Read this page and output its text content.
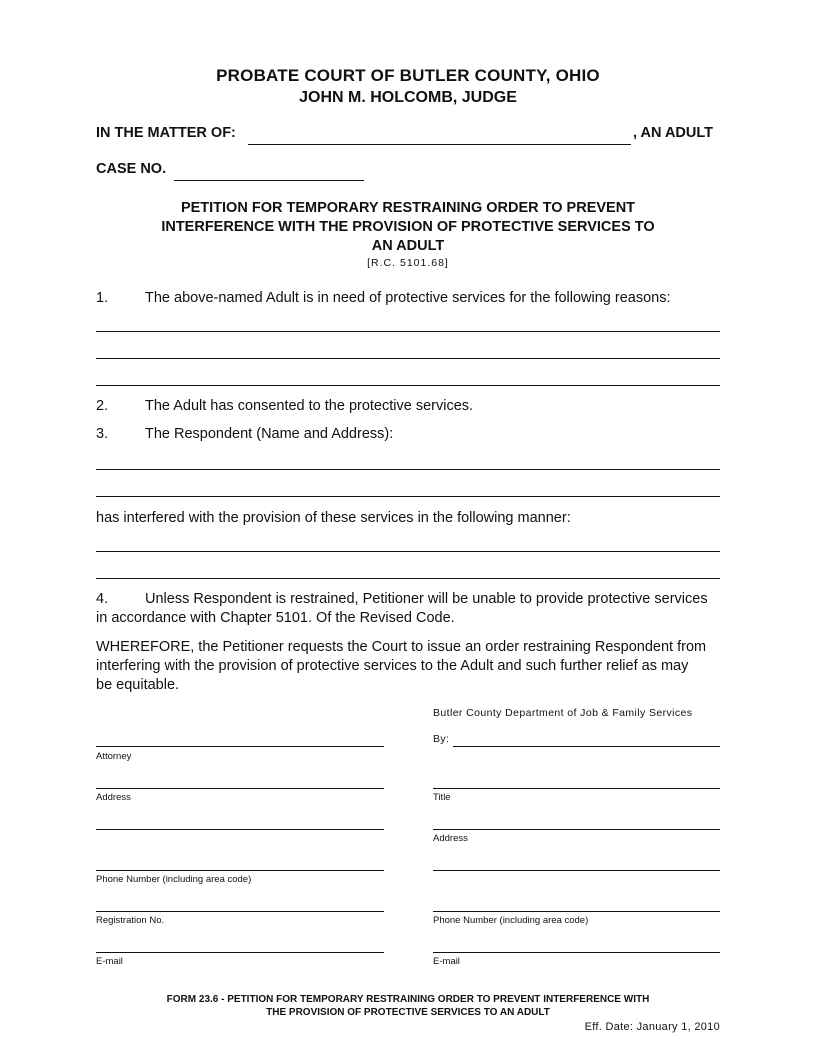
PROBATE COURT OF BUTLER COUNTY, OHIO
JOHN M. HOLCOMB, JUDGE
IN THE MATTER OF:	, AN ADULT
CASE NO.
PETITION FOR TEMPORARY RESTRAINING ORDER TO PREVENT
INTERFERENCE WITH THE PROVISION OF PROTECTIVE SERVICES TO
AN ADULT
[R.C. 5101.68]
1.	The above-named Adult is in need of protective services for the following reasons:
2.	The Adult has consented to the protective services.
3.	The Respondent (Name and Address):
has interfered with the provision of these services in the following manner:
4.	Unless Respondent is restrained, Petitioner will be unable to provide protective services
in accordance with Chapter 5101. Of the Revised Code.
WHEREFORE, the Petitioner requests the Court to issue an order restraining Respondent from
interfering with the provision of protective services to the Adult and such further relief as may
be equitable.
Butler County Department of Job & Family Services
By:
Title
Address
Phone Number (including area code)
E-mail
Attorney
Address
Phone Number (including area code)
Registration No.
E-mail
FORM 23.6 - PETITION FOR TEMPORARY RESTRAINING ORDER TO PREVENT INTERFERENCE WITH
THE PROVISION OF PROTECTIVE SERVICES TO AN ADULT
Eff. Date: January 1, 2010
